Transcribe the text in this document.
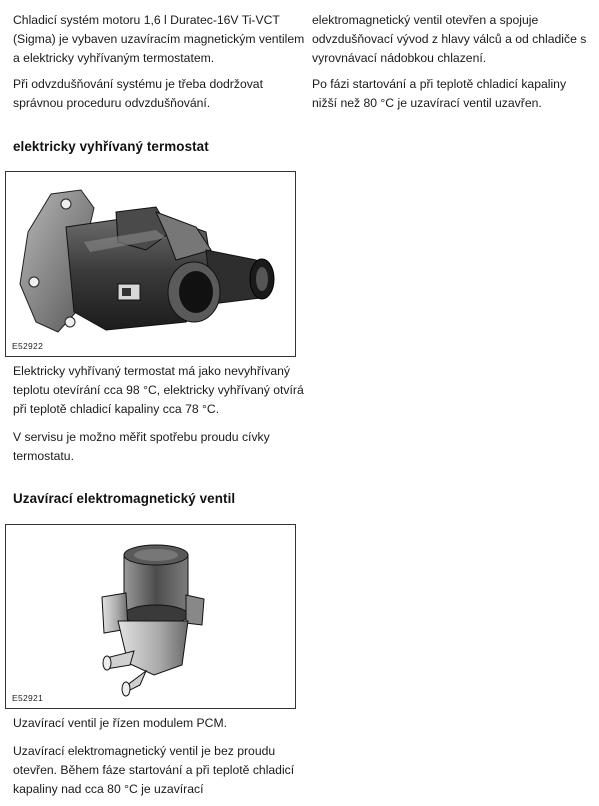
Chladicí systém motoru 1,6 l Duratec-16V Ti-VCT (Sigma) je vybaven uzavíracím magnetickým ventilem a elektricky vyhřívaným termostatem.

Při odvzdušňování systému je třeba dodržovat správnou proceduru odvzdušňování.

elektricky vyhřívaný termostat
E52922

Elektricky vyhřívaný termostat má jako nevyhřívaný teplotu otevírání cca 98 °C, elektricky vyhřívaný otvírá při teplotě chladicí kapaliny cca 78 °C.

V servisu je možno měřit spotřebu proudu cívky termostatu.

Uzavírací elektromagnetický ventil
E52921

Uzavírací ventil je řízen modulem PCM.

Uzavírací elektromagnetický ventil je bez proudu otevřen. Během fáze startování a při teplotě chladicí kapaliny nad cca 80 °C je uzavírací

elektromagnetický ventil otevřen a spojuje odvzdušňovací vývod z hlavy válců a od chladiče s vyrovnávací nádobkou chlazení.

Po fázi startování a při teplotě chladicí kapaliny nižší než 80 °C je uzavírací ventil uzavřen.
